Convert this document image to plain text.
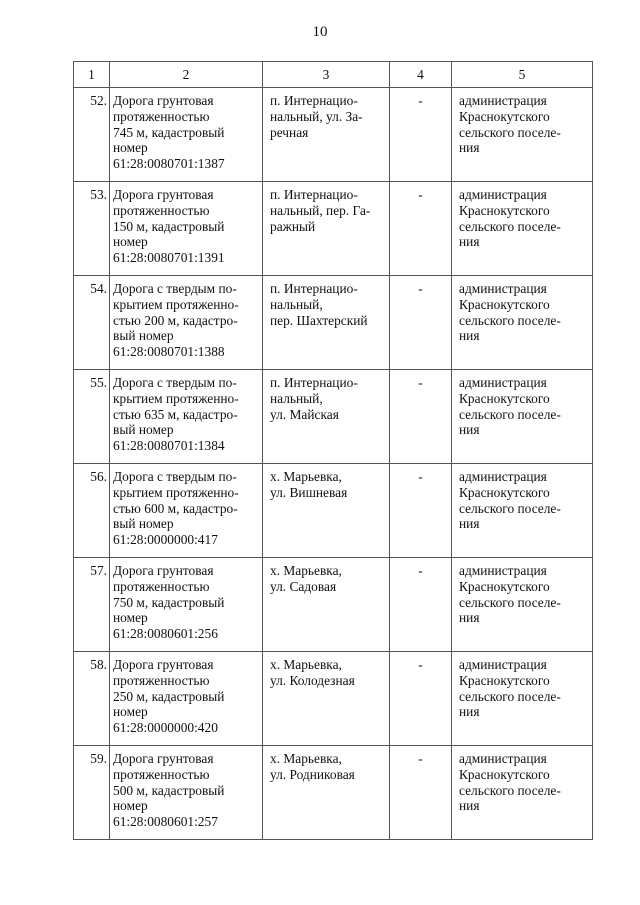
10
1	2	3	4	5
52.	Дорога грунтовая
протяженностью
745 м, кадастровый
номер
61:28:0080701:1387	п. Интернацио-
нальный, ул. За-
речная	-	администрация
Краснокутского
сельского поселе-
ния

53.	Дорога грунтовая
протяженностью
150 м, кадастровый
номер
61:28:0080701:1391	п. Интернацио-
нальный, пер. Га-
ражный	-	администрация
Краснокутского
сельского поселе-
ния

54.	Дорога с твердым по-
крытием протяженно-
стью 200 м, кадастро-
вый номер
61:28:0080701:1388	п. Интернацио-
нальный,
пер. Шахтерский	-	администрация
Краснокутского
сельского поселе-
ния

55.	Дорога с твердым по-
крытием протяженно-
стью 635 м, кадастро-
вый номер
61:28:0080701:1384	п. Интернацио-
нальный,
ул. Майская	-	администрация
Краснокутского
сельского поселе-
ния

56.	Дорога с твердым по-
крытием протяженно-
стью 600 м, кадастро-
вый номер
61:28:0000000:417	х. Марьевка,
ул. Вишневая	-	администрация
Краснокутского
сельского поселе-
ния

57.	Дорога грунтовая
протяженностью
750 м, кадастровый
номер
61:28:0080601:256	х. Марьевка,
ул. Садовая	-	администрация
Краснокутского
сельского поселе-
ния

58.	Дорога грунтовая
протяженностью
250 м, кадастровый
номер
61:28:0000000:420	х. Марьевка,
ул. Колодезная	-	администрация
Краснокутского
сельского поселе-
ния

59.	Дорога грунтовая
протяженностью
500 м, кадастровый
номер
61:28:0080601:257	х. Марьевка,
ул. Родниковая	-	администрация
Краснокутского
сельского поселе-
ния
